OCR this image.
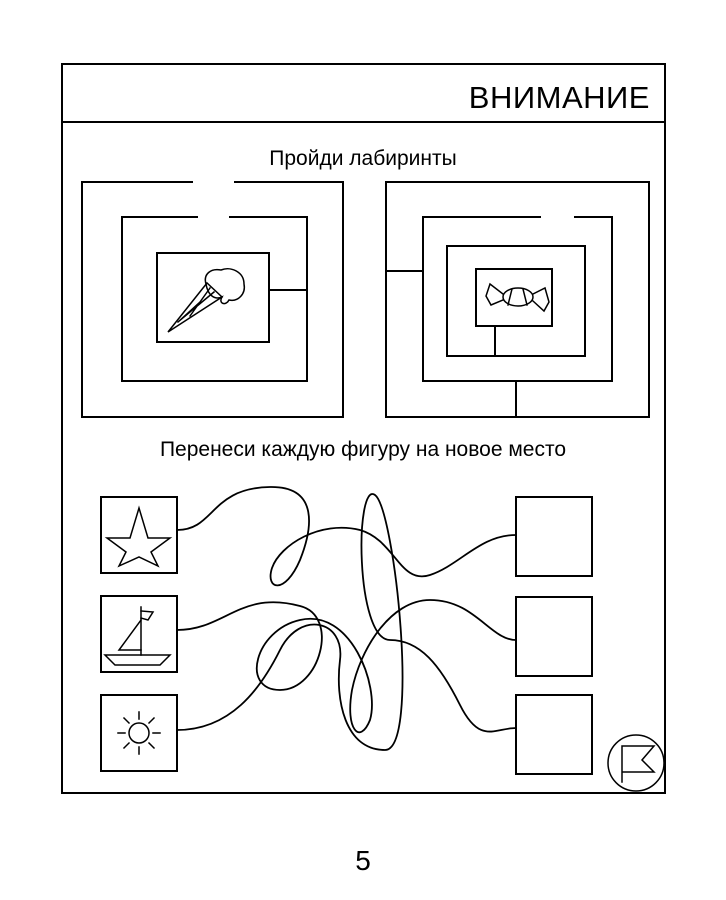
ВНИМАНИЕ
Пройди лабиринты
Перенеси каждую фигуру на новое место
5
